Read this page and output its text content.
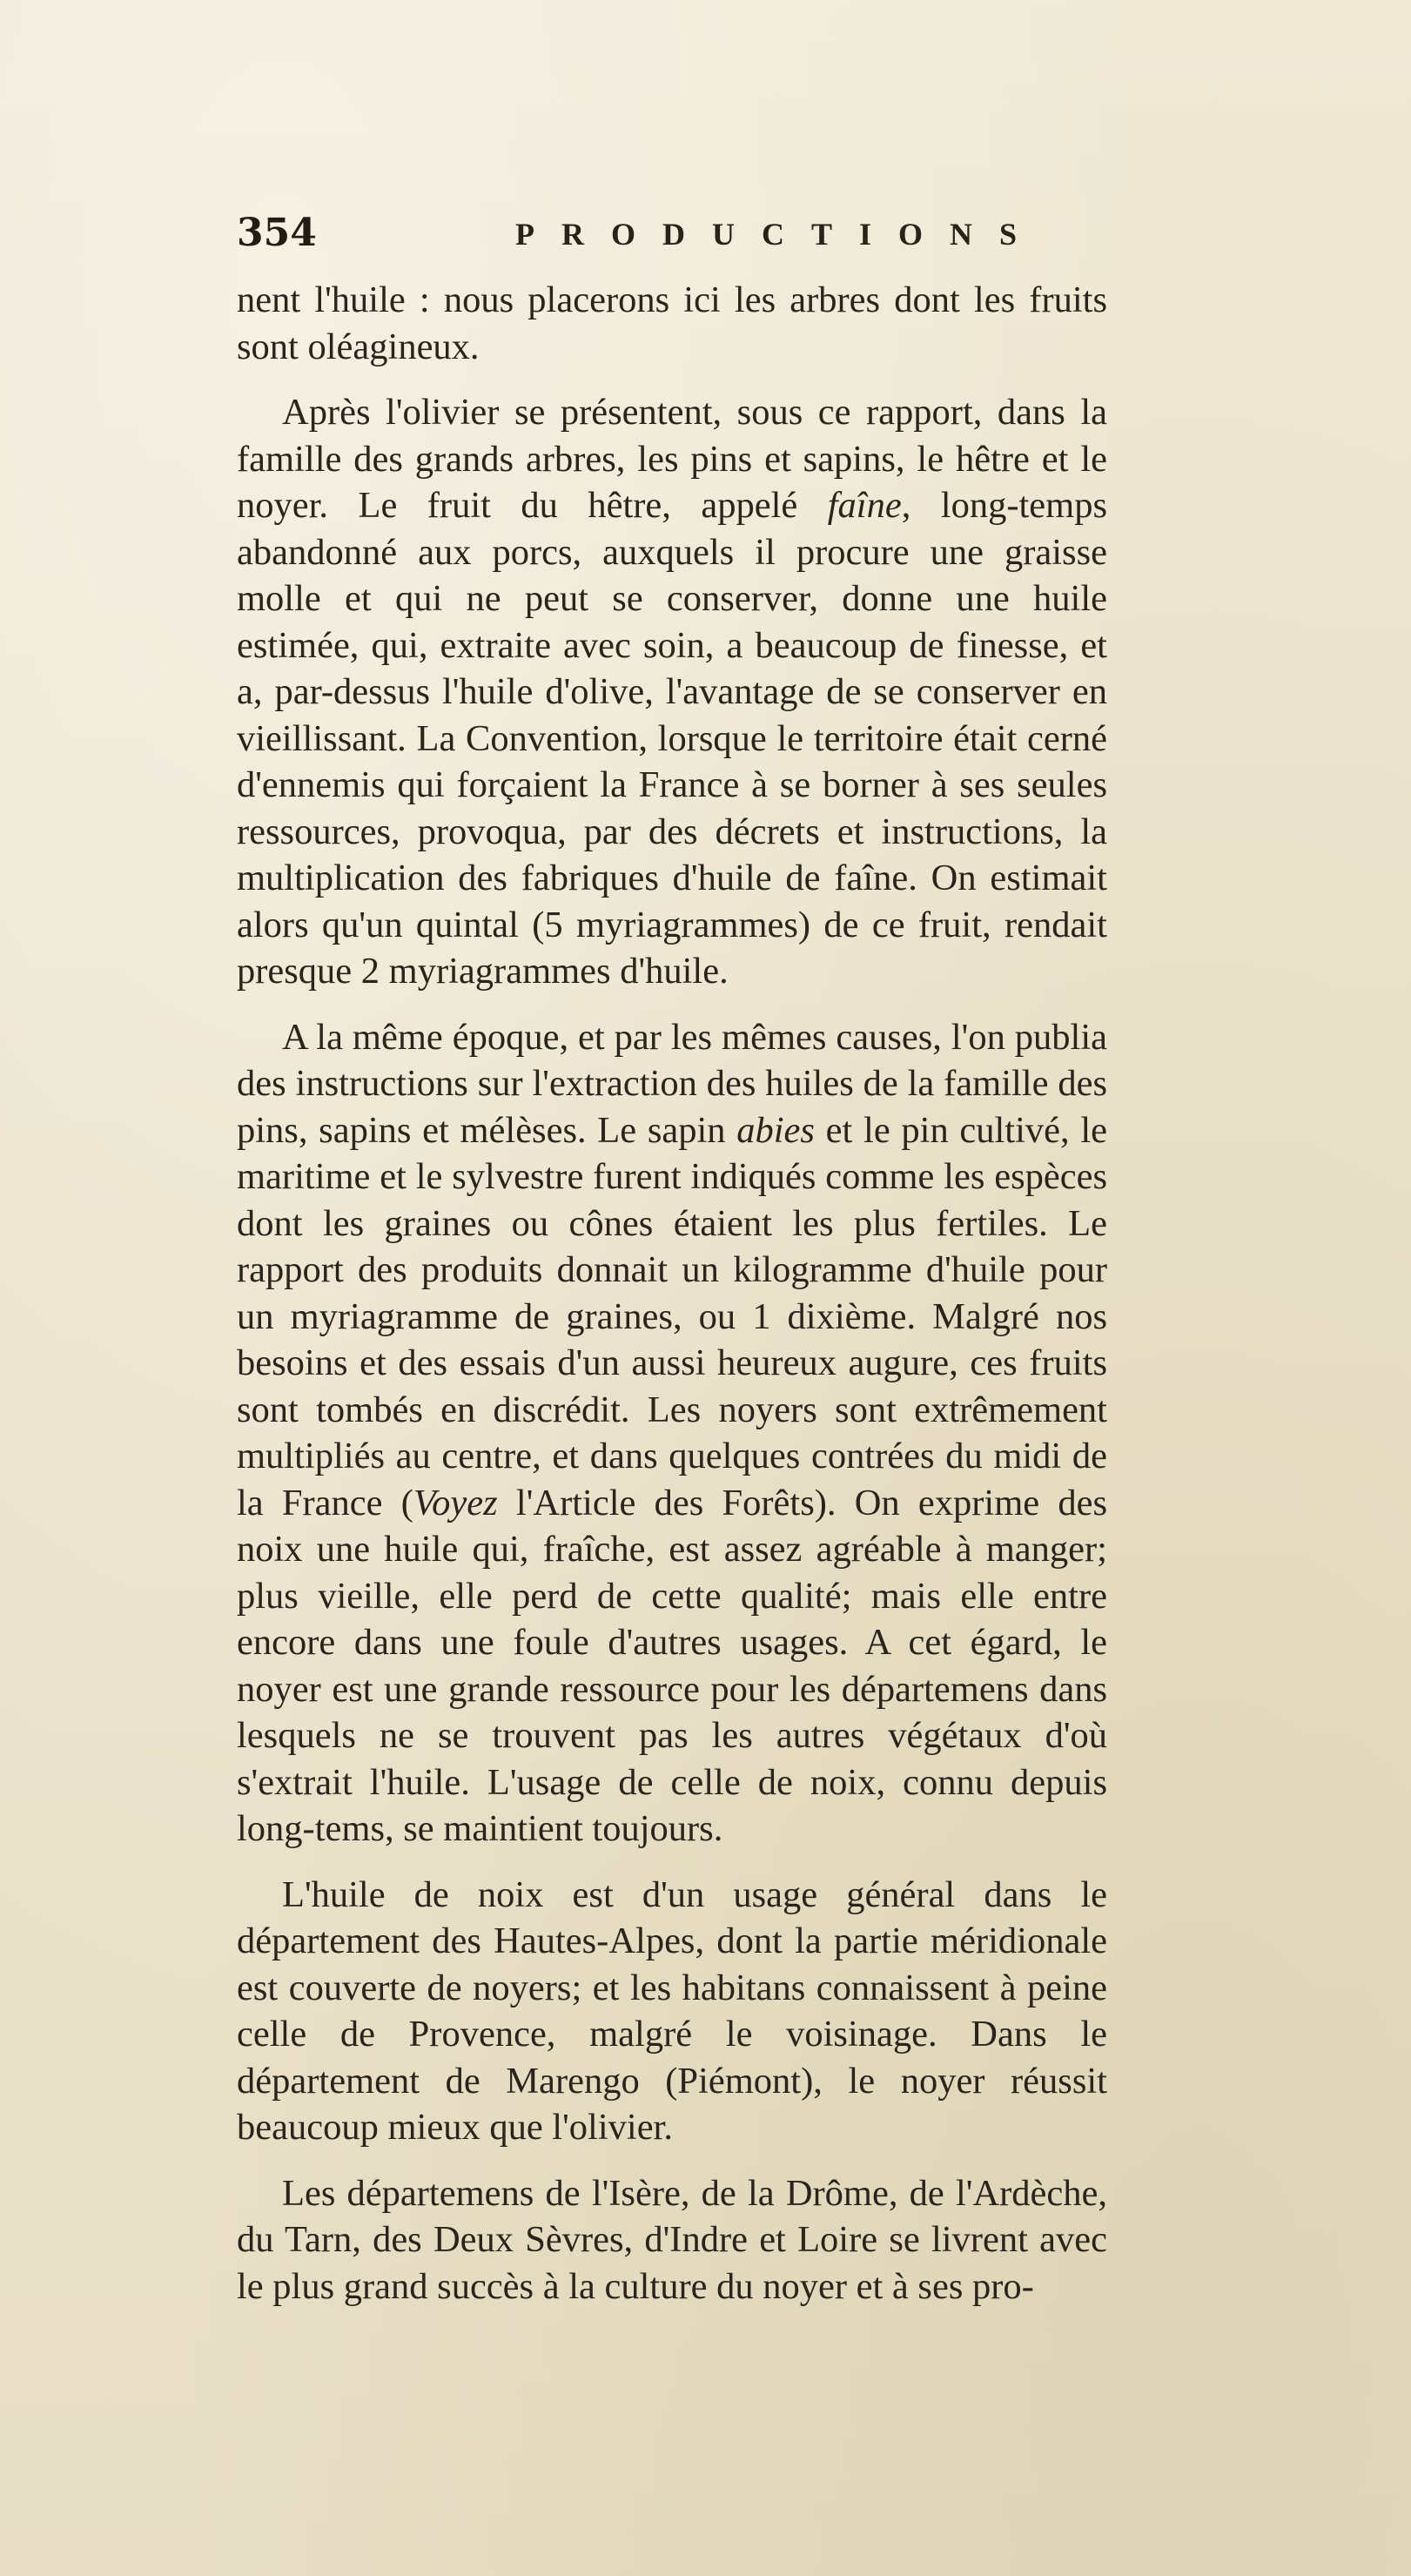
354	PRODUCTIONS

nent l'huile : nous placerons ici les arbres dont les fruits sont oléagineux.

Après l'olivier se présentent, sous ce rapport, dans la famille des grands arbres, les pins et sapins, le hêtre et le noyer. Le fruit du hêtre, appelé faîne, long-temps abandonné aux porcs, auxquels il procure une graisse molle et qui ne peut se conserver, donne une huile estimée, qui, extraite avec soin, a beaucoup de finesse, et a, par-dessus l'huile d'olive, l'avantage de se conserver en vieillissant. La Convention, lorsque le territoire était cerné d'ennemis qui forçaient la France à se borner à ses seules ressources, provoqua, par des décrets et instructions, la multiplication des fabriques d'huile de faîne. On estimait alors qu'un quintal (5 myriagrammes) de ce fruit, rendait presque 2 myriagrammes d'huile.

A la même époque, et par les mêmes causes, l'on publia des instructions sur l'extraction des huiles de la famille des pins, sapins et mélèses. Le sapin abies et le pin cultivé, le maritime et le sylvestre furent indiqués comme les espèces dont les graines ou cônes étaient les plus fertiles. Le rapport des produits donnait un kilogramme d'huile pour un myriagramme de graines, ou 1 dixième. Malgré nos besoins et des essais d'un aussi heureux augure, ces fruits sont tombés en discrédit. Les noyers sont extrêmement multipliés au centre, et dans quelques contrées du midi de la France (Voyez l'Article des Forêts). On exprime des noix une huile qui, fraîche, est assez agréable à manger; plus vieille, elle perd de cette qualité; mais elle entre encore dans une foule d'autres usages. A cet égard, le noyer est une grande ressource pour les départemens dans lesquels ne se trouvent pas les autres végétaux d'où s'extrait l'huile. L'usage de celle de noix, connu depuis long-tems, se maintient toujours.

L'huile de noix est d'un usage général dans le département des Hautes-Alpes, dont la partie méridionale est couverte de noyers; et les habitans connaissent à peine celle de Provence, malgré le voisinage. Dans le département de Marengo (Piémont), le noyer réussit beaucoup mieux que l'olivier.

Les départemens de l'Isère, de la Drôme, de l'Ardèche, du Tarn, des Deux Sèvres, d'Indre et Loire se livrent avec le plus grand succès à la culture du noyer et à ses pro-
